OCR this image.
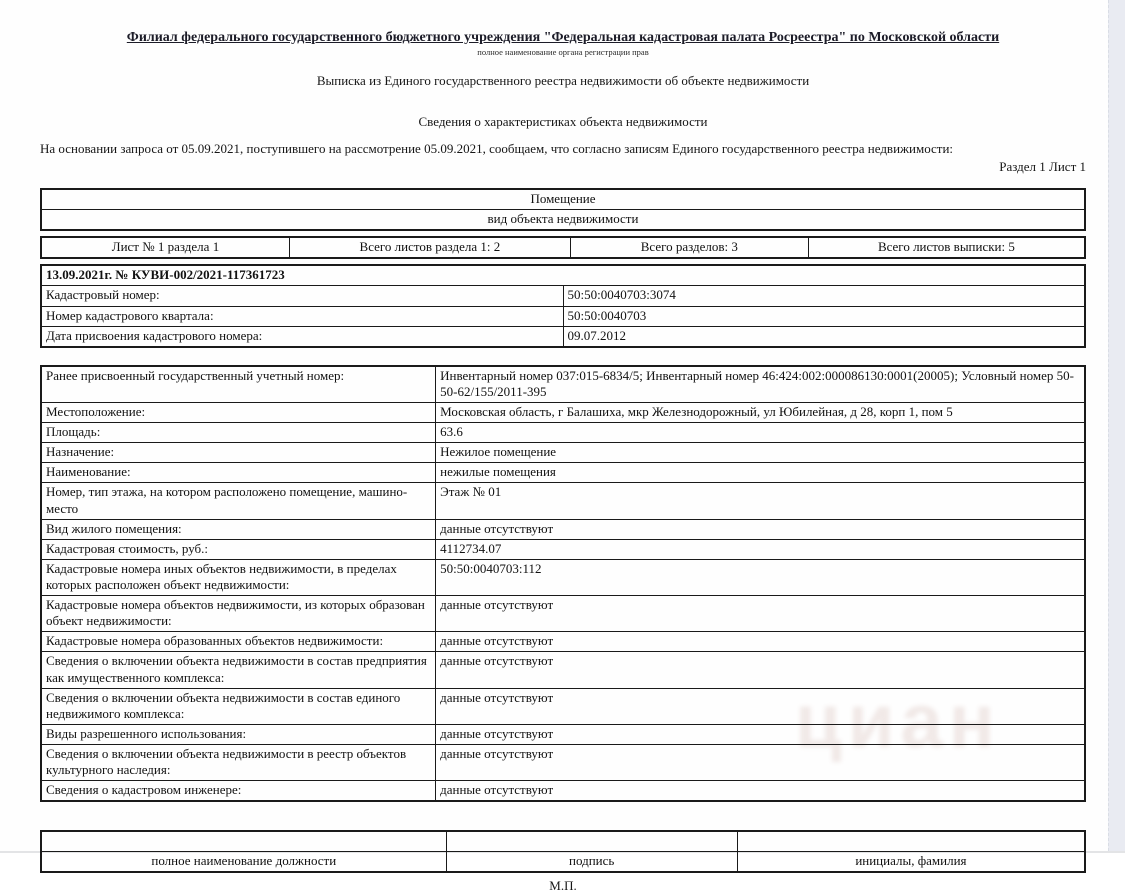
циан
Филиал федерального государственного бюджетного учреждения "Федеральная кадастровая палата Росреестра" по Московской области
полное наименование органа регистрации прав
Выписка из Единого государственного реестра недвижимости об объекте недвижимости
Сведения о характеристиках объекта недвижимости
На основании запроса от 05.09.2021, поступившего на рассмотрение 05.09.2021, сообщаем, что согласно записям Единого государственного реестра недвижимости:
Раздел 1 Лист 1
Помещение
вид объекта недвижимости
Лист № 1 раздела 1	Всего листов раздела 1: 2	Всего разделов: 3	Всего листов выписки: 5
13.09.2021г. № КУВИ-002/2021-117361723	
Кадастровый номер:	50:50:0040703:3074
Номер кадастрового квартала:	50:50:0040703
Дата присвоения кадастрового номера:	09.07.2012
Ранее присвоенный государственный учетный номер:	Инвентарный номер 037:015-6834/5; Инвентарный номер 46:424:002:000086130:0001(20005); Условный номер 50-50-62/155/2011-395
Местоположение:	Московская область, г Балашиха, мкр Железнодорожный, ул Юбилейная, д 28, корп 1, пом 5
Площадь:	63.6
Назначение:	Нежилое помещение
Наименование:	нежилые помещения
Номер, тип этажа, на котором расположено помещение, машино-место	Этаж № 01
Вид жилого помещения:	данные отсутствуют
Кадастровая стоимость, руб.:	4112734.07
Кадастровые номера иных объектов недвижимости, в пределах которых расположен объект недвижимости:	50:50:0040703:112
Кадастровые номера объектов недвижимости, из которых образован объект недвижимости:	данные отсутствуют
Кадастровые номера образованных объектов недвижимости:	данные отсутствуют
Сведения о включении объекта недвижимости в состав предприятия как имущественного комплекса:	данные отсутствуют
Сведения о включении объекта недвижимости в состав единого недвижимого комплекса:	данные отсутствуют
Виды разрешенного использования:	данные отсутствуют
Сведения о включении объекта недвижимости в реестр объектов культурного наследия:	данные отсутствуют
Сведения о кадастровом инженере:	данные отсутствуют

полное наименование должности	подпись	инициалы, фамилия
М.П.
